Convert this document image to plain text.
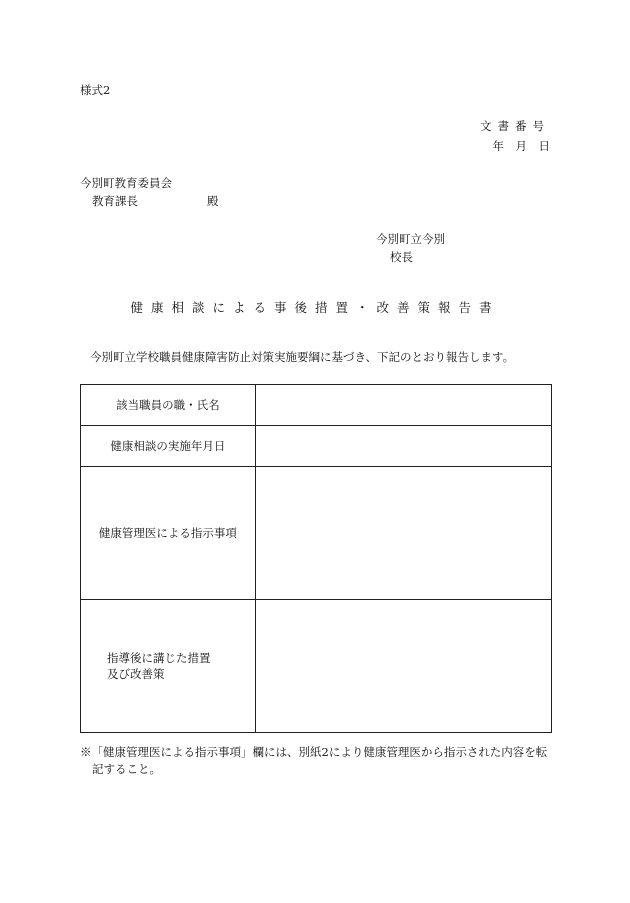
様式2
文書番号
年　月　日
今別町教育委員会
教育課長	殿
今別町立今別
校長
健康相談による事後措置・改善策報告書
今別町立学校職員健康障害防止対策実施要綱に基づき、下記のとおり報告します。
該当職員の職・氏名	
健康相談の実施年月日	
健康管理医による指示事項	

指導後に講じた措置
及び改善策	

※「健康管理医による指示事項」欄には、別紙2により健康管理医から指示された内容を転
記すること。
